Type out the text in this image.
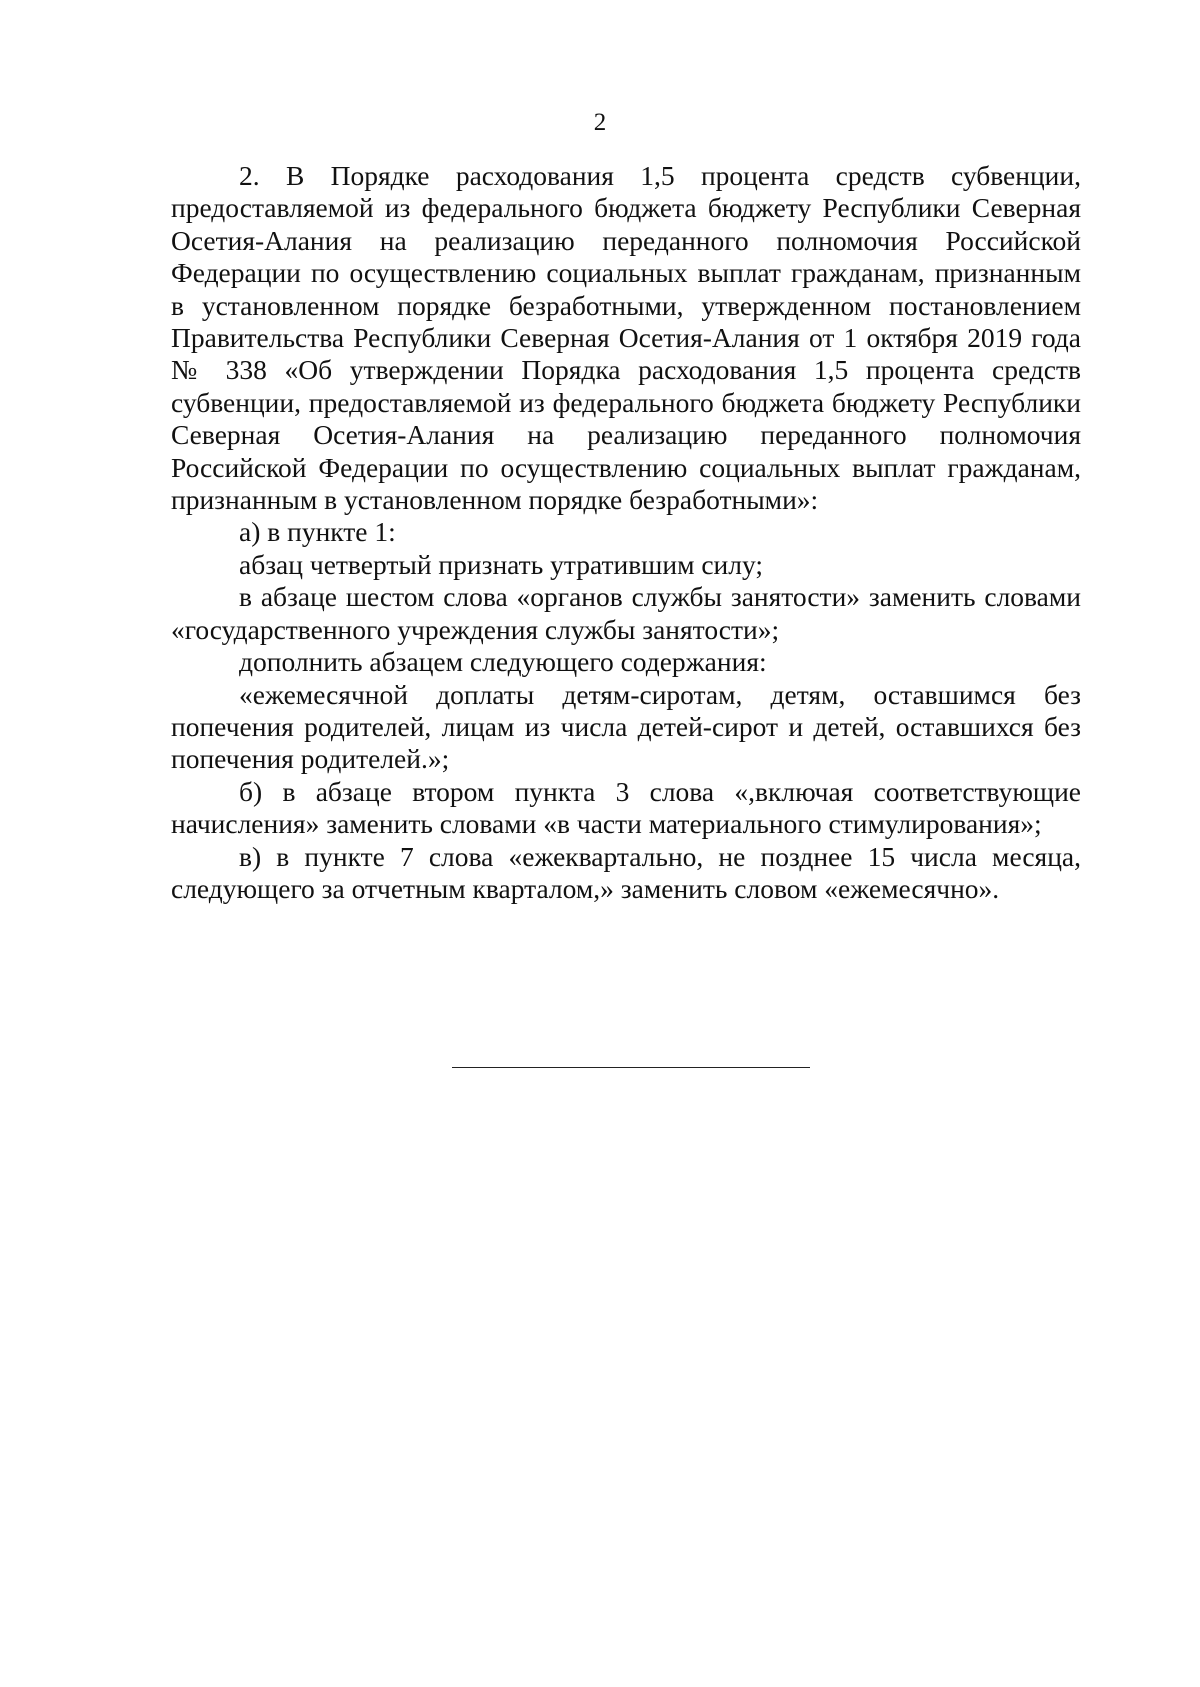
2

2. В Порядке расходования 1,5 процента средств субвенции, предоставляемой из федерального бюджета бюджету Республики Северная Осетия-Алания на реализацию переданного полномочия Российской Федерации по осуществлению социальных выплат гражданам, признанным в установленном порядке безработными, утвержденном постановлением Правительства Республики Северная Осетия-Алания от 1 октября 2019 года № 338 «Об утверждении Порядка расходования 1,5 процента средств субвенции, предоставляемой из федерального бюджета бюджету Республики Северная Осетия-Алания на реализацию переданного полномочия Российской Федерации по осуществлению социальных выплат гражданам, признанным в установленном порядке безработными»:

а) в пункте 1:

абзац четвертый признать утратившим силу;

в абзаце шестом слова «органов службы занятости» заменить словами «государственного учреждения службы занятости»;

дополнить абзацем следующего содержания:

«ежемесячной доплаты детям-сиротам, детям, оставшимся без попечения родителей, лицам из числа детей-сирот и детей, оставшихся без попечения родителей.»;

б) в абзаце втором пункта 3 слова «,включая соответствующие начисления» заменить словами «в части материального стимулирования»;

в) в пункте 7 слова «ежеквартально, не позднее 15 числа месяца, следующего за отчетным кварталом,» заменить словом «ежемесячно».
